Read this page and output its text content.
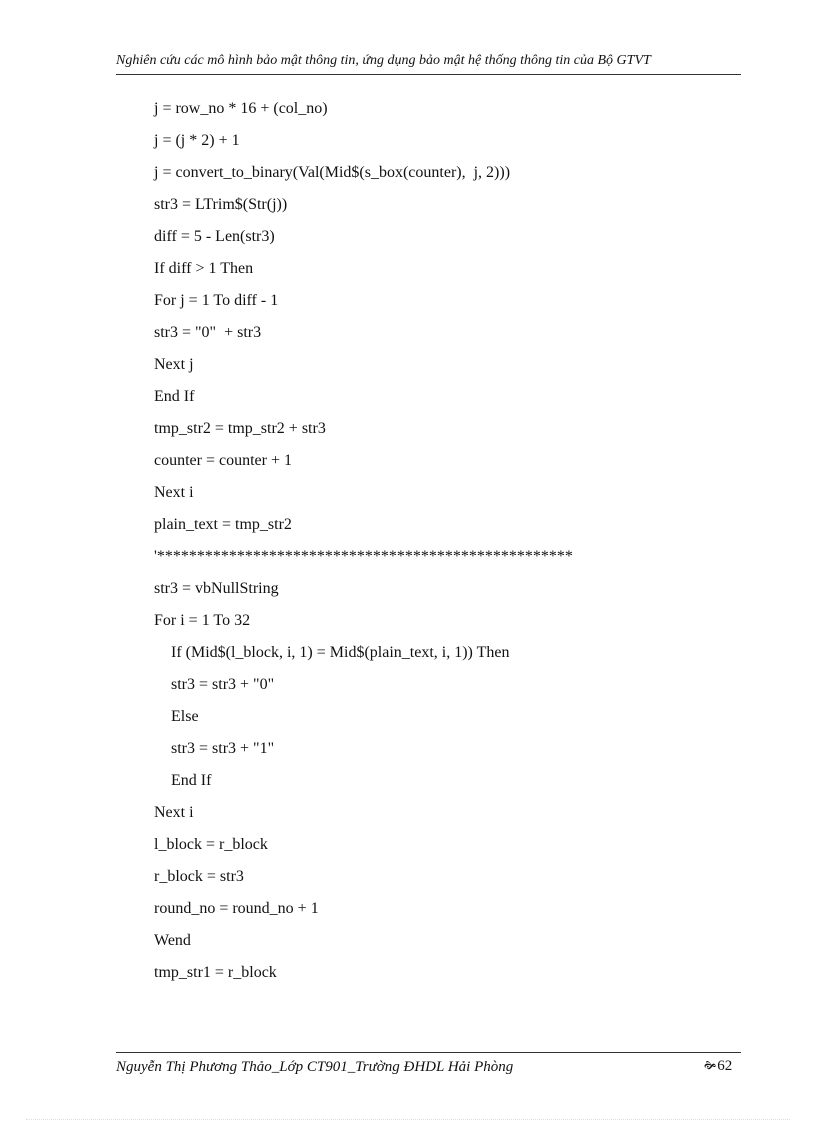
Nghiên cứu các mô hình bảo mật thông tin, ứng dụng bảo mật hệ thống thông tin của Bộ GTVT
j = row_no * 16 + (col_no)
j = (j * 2) + 1
j = convert_to_binary(Val(Mid$(s_box(counter),  j, 2)))
str3 = LTrim$(Str(j))
diff = 5 - Len(str3)
If diff > 1 Then
For j = 1 To diff - 1
str3 = "0"  + str3
Next j
End If
tmp_str2 = tmp_str2 + str3
counter = counter + 1
Next i
plain_text = tmp_str2
'****************************************************
str3 = vbNullString
For i = 1 To 32
If (Mid$(l_block, i, 1) = Mid$(plain_text, i, 1)) Then
str3 = str3 + "0"
Else
str3 = str3 + "1"
End If
Next i
l_block = r_block
r_block = str3
round_no = round_no + 1
Wend
tmp_str1 = r_block
Nguyễn Thị Phương Thảo_Lớp CT901_Trường ĐHDL Hải Phòng	🙞62
